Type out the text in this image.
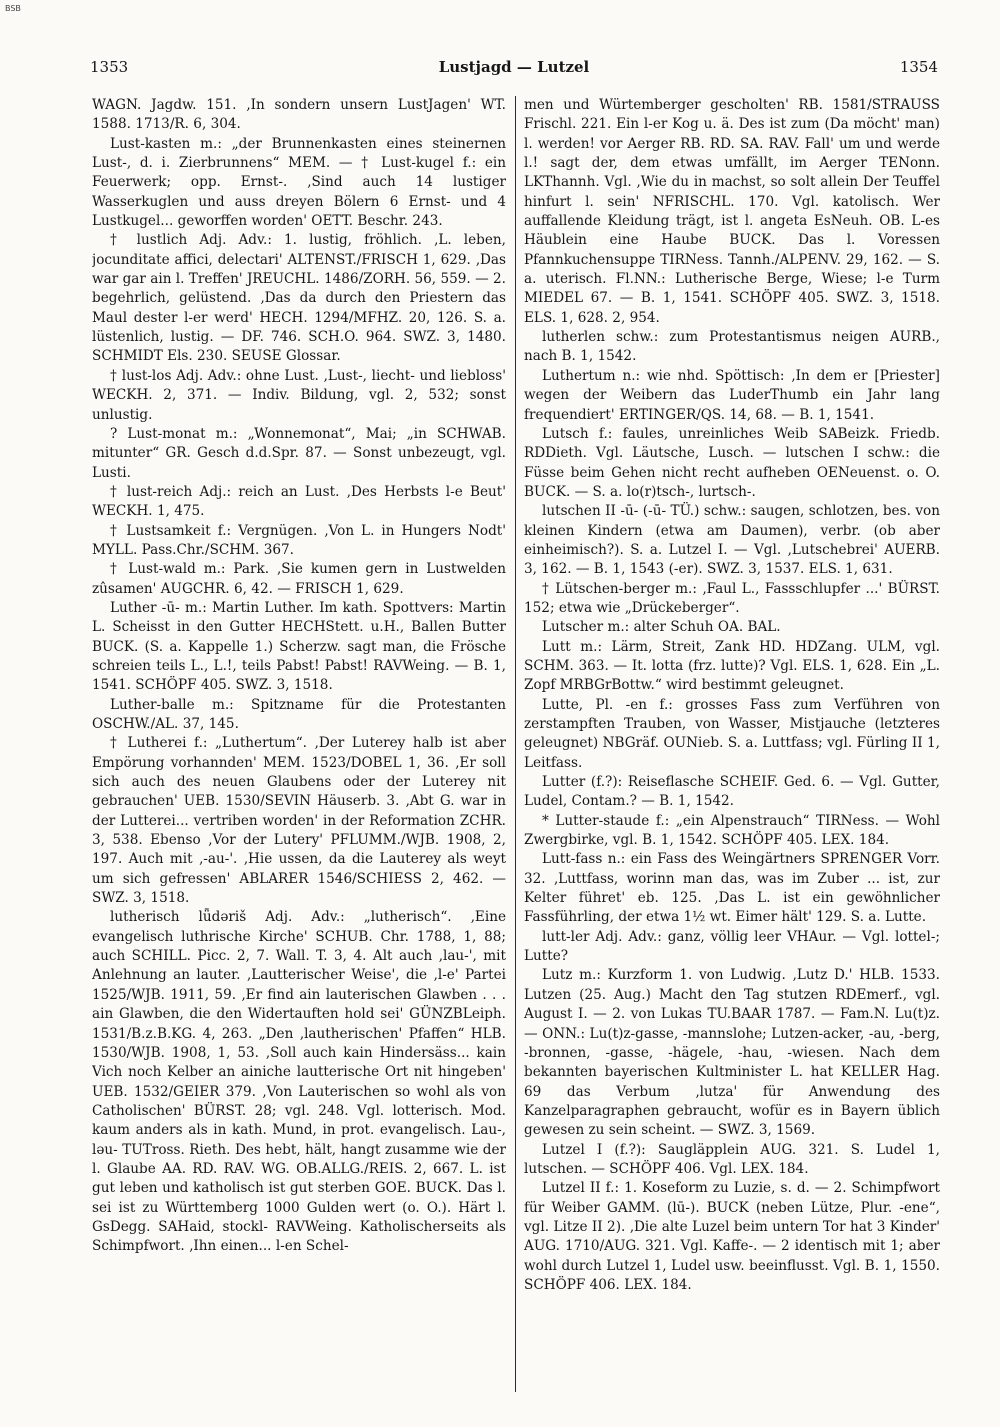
BSB
1353	Lustjagd — Lutzel	1354

WAGN. Jagdw. 151. ‚In sondern unsern LustJagen' WT. 1588. 1713/R. 6, 304.

Lust-kasten m.: „der Brunnenkasten eines steinernen Lust-, d. i. Zierbrunnens“ MEM. — † Lust-kugel f.: ein Feuerwerk; opp. Ernst-. ‚Sind auch 14 lustiger Wasserkuglen und auss dreyen Bölern 6 Ernst- und 4 Lustkugel... geworffen worden' OETT. Beschr. 243.

† lustlich Adj. Adv.: 1. lustig, fröhlich. ‚L. leben, jocunditate affici, delectari' ALTENST./FRISCH 1, 629. ‚Das war gar ain l. Treffen' JREUCHL. 1486/ZORH. 56, 559. — 2. begehrlich, gelüstend. ‚Das da durch den Priestern das Maul dester l-er werd' HECH. 1294/MFHZ. 20, 126. S. a. lüstenlich, lustig. — DF. 746. SCH.O. 964. SWZ. 3, 1480. SCHMIDT Els. 230. SEUSE Glossar.

† lust-los Adj. Adv.: ohne Lust. ‚Lust-, liecht- und liebloss' WECKH. 2, 371. — Indiv. Bildung, vgl. 2, 532; sonst unlustig.

? Lust-monat m.: „Wonnemonat“, Mai; „in SCHWAB. mitunter“ GR. Gesch d.d.Spr. 87. — Sonst unbezeugt, vgl. Lusti.

† lust-reich Adj.: reich an Lust. ‚Des Herbsts l-e Beut' WECKH. 1, 475.

† Lustsamkeit f.: Vergnügen. ‚Von L. in Hungers Nodt' MYLL. Pass.Chr./SCHM. 367.

† Lust-wald m.: Park. ‚Sie kumen gern in Lustwelden zûsamen' AUGCHR. 6, 42. — FRISCH 1, 629.

Luther -ū- m.: Martin Luther. Im kath. Spottvers: Martin L. Scheisst in den Gutter HECHStett. u.H., Ballen Butter BUCK. (S. a. Kappelle 1.) Scherzw. sagt man, die Frösche schreien teils L., L.!, teils Pabst! Pabst! RAVWeing. — B. 1, 1541. SCHÖPF 405. SWZ. 3, 1518.

Luther-balle m.: Spitzname für die Protestanten OSCHW./AL. 37, 145.

† Lutherei f.: „Luthertum“. ‚Der Luterey halb ist aber Empörung vorhannden' MEM. 1523/DOBEL 1, 36. ‚Er soll sich auch des neuen Glaubens oder der Luterey nit gebrauchen' UEB. 1530/SEVIN Häuserb. 3. ‚Abt G. war in der Lutterei... vertriben worden' in der Reformation ZCHR. 3, 538. Ebenso ‚Vor der Lutery' PFLUMM./WJB. 1908, 2, 197. Auch mit ‚-au-'. ‚Hie ussen, da die Lauterey als weyt um sich gefressen' ABLARER 1546/SCHIESS 2, 462. — SWZ. 3, 1518.

lutherisch lǖdəriš Adj. Adv.: „lutherisch“. ‚Eine evangelisch luthrische Kirche' SCHUB. Chr. 1788, 1, 88; auch SCHILL. Picc. 2, 7. Wall. T. 3, 4. Alt auch ‚lau-', mit Anlehnung an lauter. ‚Lautterischer Weise', die ‚l-e' Partei 1525/WJB. 1911, 59. ‚Er find ain lauterischen Glawben . . . ain Glawben, die den Widertauften hold sei' GÜNZBLeiph. 1531/B.z.B.KG. 4, 263. „Den ‚lautherischen' Pfaffen“ HLB. 1530/WJB. 1908, 1, 53. ‚Soll auch kain Hindersäss... kain Vich noch Kelber an ainiche lautterische Ort nit hingeben' UEB. 1532/GEIER 379. ‚Von Lauterischen so wohl als von Catholischen' BÜRST. 28; vgl. 248. Vgl. lotterisch. Mod. kaum anders als in kath. Mund, in prot. evangelisch. Lau-, lǝu- TUTross. Rieth. Des hebt, hält, hangt zusamme wie der l. Glaube AA. RD. RAV. WG. OB.ALLG./REIS. 2, 667. L. ist gut leben und katholisch ist gut sterben GOE. BUCK. Das l. sei ist zu Württemberg 1000 Gulden wert (o. O.). Härt l. GsDegg. SAHaid, stockl- RAVWeing. Katholischerseits als Schimpfwort. ‚Ihn einen... l-en Schel-

men und Würtemberger gescholten' RB. 1581/STRAUSS Frischl. 221. Ein l-er Kog u. ä. Des ist zum (Da möcht' man) l. werden! vor Aerger RB. RD. SA. RAV. Fall' um und werde l.! sagt der, dem etwas umfällt, im Aerger TENonn. LKThannh. Vgl. ‚Wie du in machst, so solt allein Der Teuffel hinfurt l. sein' NFRISCHL. 170. Vgl. katolisch. Wer auffallende Kleidung trägt, ist l. angeta EsNeuh. OB. L-es Häublein eine Haube BUCK. Das l. Voressen Pfannkuchensuppe TIRNess. Tannh./ALPENV. 29, 162. — S. a. uterisch. Fl.NN.: Lutherische Berge, Wiese; l-e Turm MIEDEL 67. — B. 1, 1541. SCHÖPF 405. SWZ. 3, 1518. ELS. 1, 628. 2, 954.

lutherlen schw.: zum Protestantismus neigen AURB., nach B. 1, 1542.

Luthertum n.: wie nhd. Spöttisch: ‚In dem er [Priester] wegen der Weibern das LuderThumb ein Jahr lang frequendiert' ERTINGER/QS. 14, 68. — B. 1, 1541.

Lutsch f.: faules, unreinliches Weib SABeizk. Friedb. RDDieth. Vgl. Läutsche, Lusch. — lutschen I schw.: die Füsse beim Gehen nicht recht aufheben OENeuenst. o. O. BUCK. — S. a. lo(r)tsch-, lurtsch-.

lutschen II -ū- (-ū- TÜ.) schw.: saugen, schlotzen, bes. von kleinen Kindern (etwa am Daumen), verbr. (ob aber einheimisch?). S. a. Lutzel I. — Vgl. ‚Lutschebrei' AUERB. 3, 162. — B. 1, 1543 (-er). SWZ. 3, 1537. ELS. 1, 631.

† Lütschen-berger m.: ‚Faul L., Fassschlupfer ...' BÜRST. 152; etwa wie „Drückeberger“.

Lutscher m.: alter Schuh OA. BAL.

Lutt m.: Lärm, Streit, Zank HD. HDZang. ULM, vgl. SCHM. 363. — It. lotta (frz. lutte)? Vgl. ELS. 1, 628. Ein „L. Zopf MRBGrBottw.“ wird bestimmt geleugnet.

Lutte, Pl. -en f.: grosses Fass zum Verführen von zerstampften Trauben, von Wasser, Mistjauche (letzteres geleugnet) NBGräf. OUNieb. S. a. Luttfass; vgl. Fürling II 1, Leitfass.

Lutter (f.?): Reiseflasche SCHEIF. Ged. 6. — Vgl. Gutter, Ludel, Contam.? — B. 1, 1542.

* Lutter-staude f.: „ein Alpenstrauch“ TIRNess. — Wohl Zwergbirke, vgl. B. 1, 1542. SCHÖPF 405. LEX. 184.

Lutt-fass n.: ein Fass des Weingärtners SPRENGER Vorr. 32. ‚Luttfass, worinn man das, was im Zuber ... ist, zur Kelter führet' eb. 125. ‚Das L. ist ein gewöhnlicher Fassführling, der etwa 1½ wt. Eimer hält' 129. S. a. Lutte.

lutt-ler Adj. Adv.: ganz, völlig leer VHAur. — Vgl. lottel-; Lutte?

Lutz m.: Kurzform 1. von Ludwig. ‚Lutz D.' HLB. 1533. Lutzen (25. Aug.) Macht den Tag stutzen RDEmerf., vgl. August I. — 2. von Lukas TU.BAAR 1787. — Fam.N. Lu(t)z. — ONN.: Lu(t)z-gasse, -mannslohe; Lutzen-acker, -au, -berg, -bronnen, -gasse, -hägele, -hau, -wiesen. Nach dem bekannten bayerischen Kultminister L. hat KELLER Hag. 69 das Verbum ‚lutza' für Anwendung des Kanzelparagraphen gebraucht, wofür es in Bayern üblich gewesen zu sein scheint. — SWZ. 3, 1569.

Lutzel I (f.?): Saugläpplein AUG. 321. S. Ludel 1, lutschen. — SCHÖPF 406. Vgl. LEX. 184.

Lutzel II f.: 1. Koseform zu Luzie, s. d. — 2. Schimpfwort für Weiber GAMM. (lū-). BUCK (neben Lütze, Plur. -ene“, vgl. Litze II 2). ‚Die alte Luzel beim untern Tor hat 3 Kinder' AUG. 1710/AUG. 321. Vgl. Kaffe-. — 2 identisch mit 1; aber wohl durch Lutzel 1, Ludel usw. beeinflusst. Vgl. B. 1, 1550. SCHÖPF 406. LEX. 184.
